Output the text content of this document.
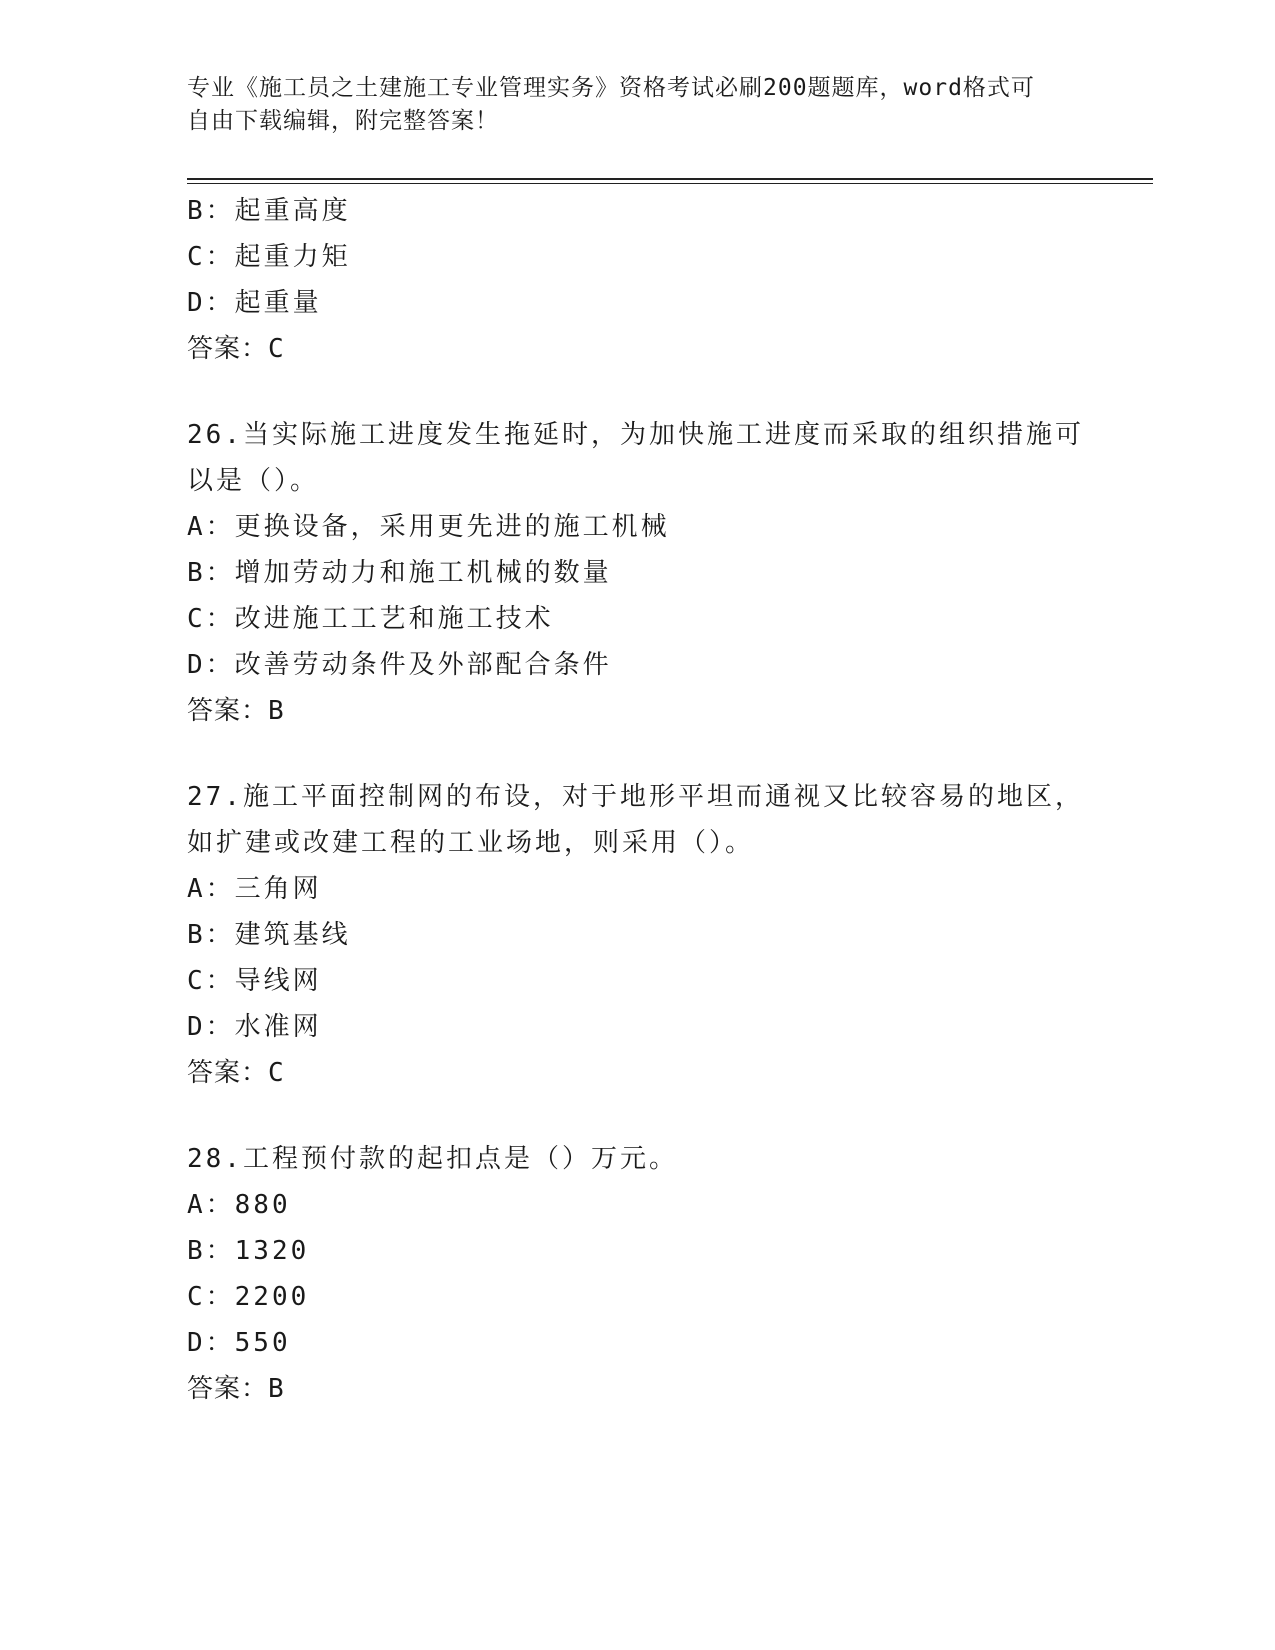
专业《施工员之土建施工专业管理实务》资格考试必刷200题题库，word格式可
自由下载编辑，附完整答案！
B：起重高度
C：起重力矩
D：起重量
答案：C
26.当实际施工进度发生拖延时，为加快施工进度而采取的组织措施可
以是（）。
A：更换设备，采用更先进的施工机械
B：增加劳动力和施工机械的数量
C：改进施工工艺和施工技术
D：改善劳动条件及外部配合条件
答案：B
27.施工平面控制网的布设，对于地形平坦而通视又比较容易的地区，
如扩建或改建工程的工业场地，则采用（）。
A：三角网
B：建筑基线
C：导线网
D：水准网
答案：C
28.工程预付款的起扣点是（）万元。
A：880
B：1320
C：2200
D：550
答案：B
